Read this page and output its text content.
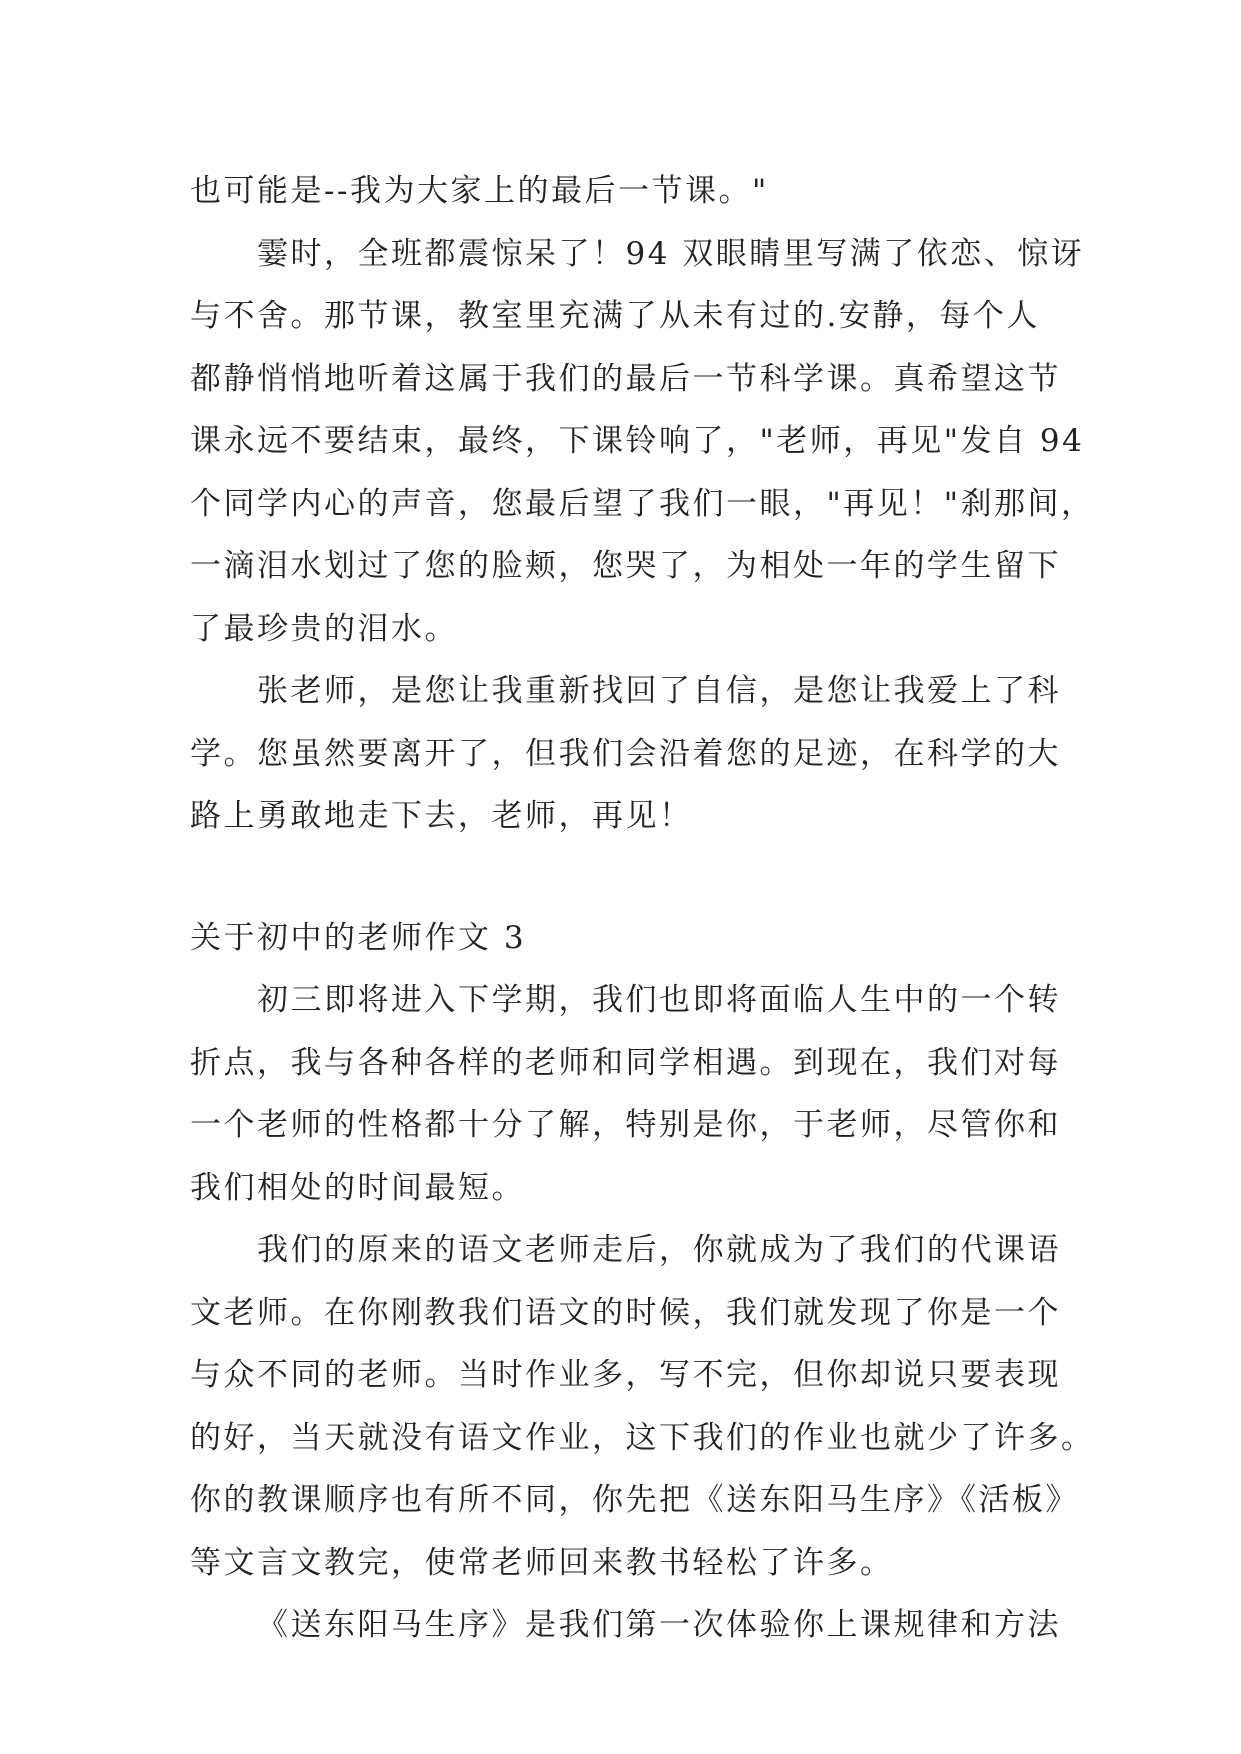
也可能是--我为大家上的最后一节课。"

霎时，全班都震惊呆了！94 双眼睛里写满了依恋、惊讶
与不舍。那节课，教室里充满了从未有过的.安静，每个人
都静悄悄地听着这属于我们的最后一节科学课。真希望这节
课永远不要结束，最终，下课铃响了，"老师，再见"发自 94
个同学内心的声音，您最后望了我们一眼，"再见！"刹那间，
一滴泪水划过了您的脸颊，您哭了，为相处一年的学生留下
了最珍贵的泪水。

张老师，是您让我重新找回了自信，是您让我爱上了科
学。您虽然要离开了，但我们会沿着您的足迹，在科学的大
路上勇敢地走下去，老师，再见！

关于初中的老师作文 3

初三即将进入下学期，我们也即将面临人生中的一个转
折点，我与各种各样的老师和同学相遇。到现在，我们对每
一个老师的性格都十分了解，特别是你，于老师，尽管你和
我们相处的时间最短。

我们的原来的语文老师走后，你就成为了我们的代课语
文老师。在你刚教我们语文的时候，我们就发现了你是一个
与众不同的老师。当时作业多，写不完，但你却说只要表现
的好，当天就没有语文作业，这下我们的作业也就少了许多。
你的教课顺序也有所不同，你先把《送东阳马生序》《活板》
等文言文教完，使常老师回来教书轻松了许多。

《送东阳马生序》是我们第一次体验你上课规律和方法
